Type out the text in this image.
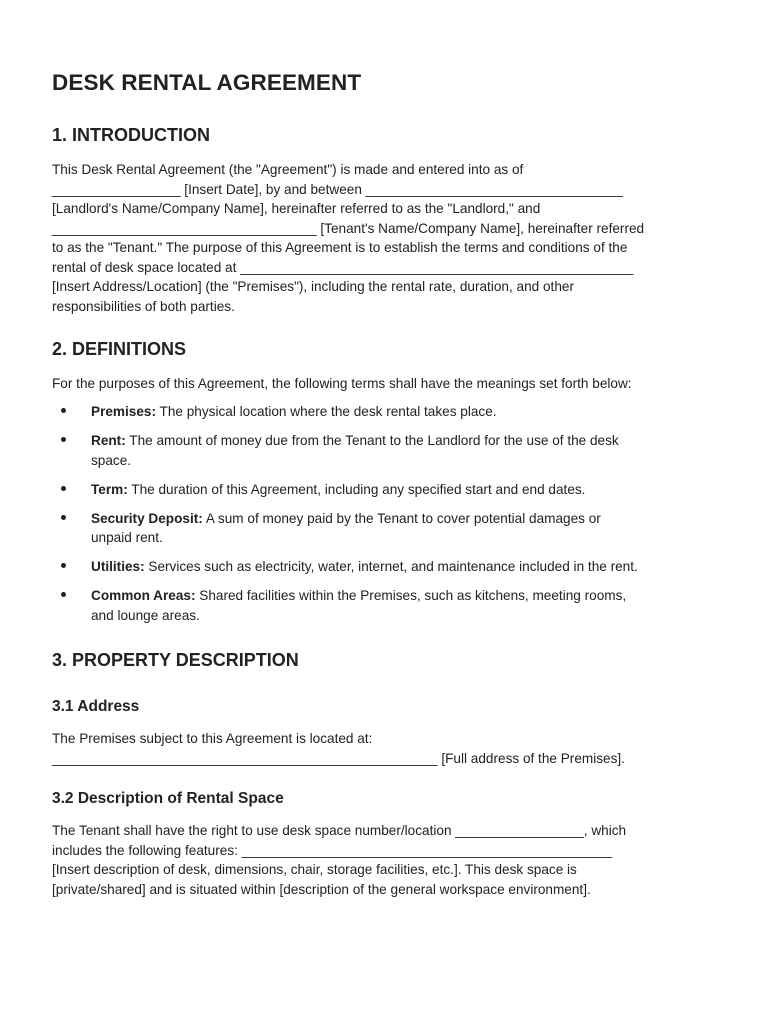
DESK RENTAL AGREEMENT
1. INTRODUCTION

This Desk Rental Agreement (the "Agreement") is made and entered into as of
_________________ [Insert Date], by and between __________________________________
[Landlord's Name/Company Name], hereinafter referred to as the "Landlord," and
___________________________________ [Tenant's Name/Company Name], hereinafter referred
to as the "Tenant." The purpose of this Agreement is to establish the terms and conditions of the
rental of desk space located at ____________________________________________________
[Insert Address/Location] (the "Premises"), including the rental rate, duration, and other
responsibilities of both parties.

2. DEFINITIONS

For the purposes of this Agreement, the following terms shall have the meanings set forth below:

Premises: The physical location where the desk rental takes place.
Rent: The amount of money due from the Tenant to the Landlord for the use of the desk
space.
Term: The duration of this Agreement, including any specified start and end dates.
Security Deposit: A sum of money paid by the Tenant to cover potential damages or
unpaid rent.
Utilities: Services such as electricity, water, internet, and maintenance included in the rent.
Common Areas: Shared facilities within the Premises, such as kitchens, meeting rooms,
and lounge areas.
3. PROPERTY DESCRIPTION
3.1 Address

The Premises subject to this Agreement is located at:
___________________________________________________ [Full address of the Premises].

3.2 Description of Rental Space

The Tenant shall have the right to use desk space number/location _________________, which
includes the following features: _________________________________________________
[Insert description of desk, dimensions, chair, storage facilities, etc.]. This desk space is
[private/shared] and is situated within [description of the general workspace environment].
